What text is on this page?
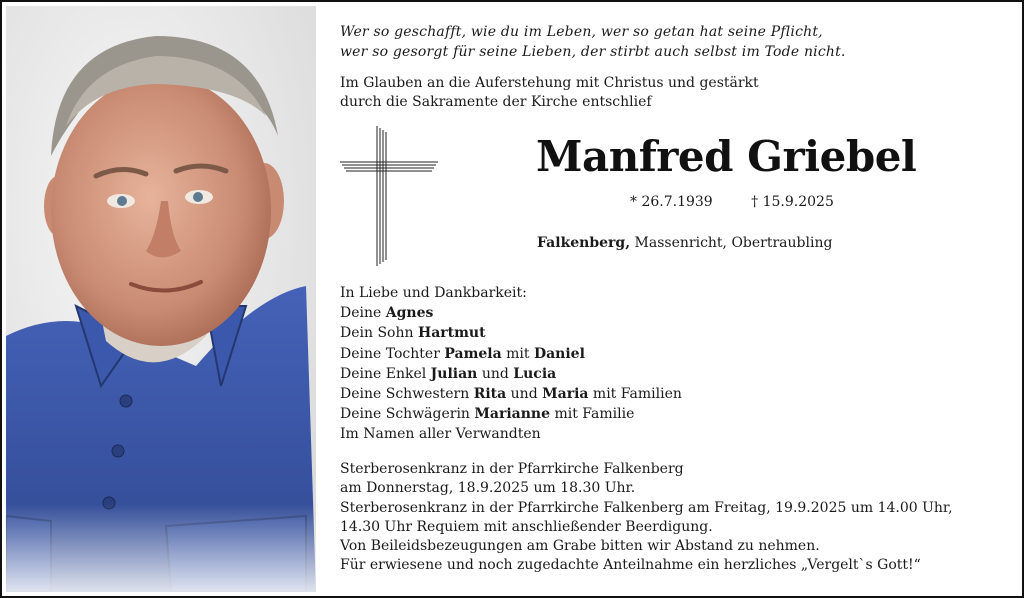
Wer so geschafft, wie du im Leben, wer so getan hat seine Pflicht,
wer so gesorgt für seine Lieben, der stirbt auch selbst im Tode nicht.
Im Glauben an die Auferstehung mit Christus und gestärkt
durch die Sakramente der Kirche entschlief
Manfred Griebel
* 26.7.1939	† 15.9.2025
Falkenberg, Massenricht, Obertraubling
In Liebe und Dankbarkeit:
Deine Agnes
Dein Sohn Hartmut
Deine Tochter Pamela mit Daniel
Deine Enkel Julian und Lucia
Deine Schwestern Rita und Maria mit Familien
Deine Schwägerin Marianne mit Familie
Im Namen aller Verwandten
Sterberosenkranz in der Pfarrkirche Falkenberg
am Donnerstag, 18.9.2025 um 18.30 Uhr.
Sterberosenkranz in der Pfarrkirche Falkenberg am Freitag, 19.9.2025 um 14.00 Uhr,
14.30 Uhr Requiem mit anschließender Beerdigung.
Von Beileidsbezeugungen am Grabe bitten wir Abstand zu nehmen.
Für erwiesene und noch zugedachte Anteilnahme ein herzliches „Vergelt`s Gott!“
